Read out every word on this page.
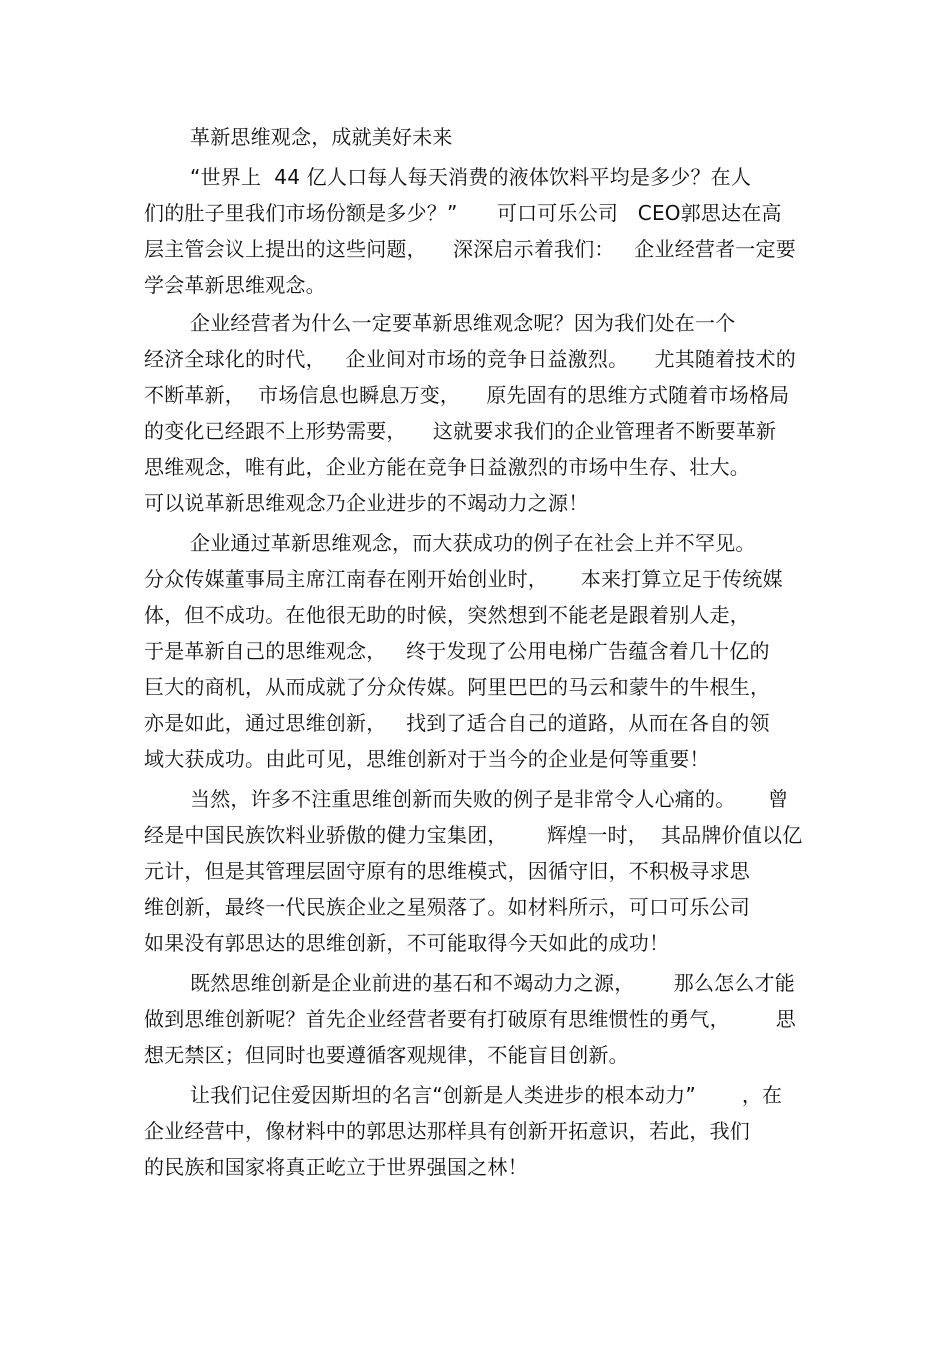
革新思维观念，成就美好未来

“世界上  44 亿人口每人每天消费的液体饮料平均是多少？在人

们的肚子里我们市场份额是多少？”      可口可乐公司   CEO郭思达在高

层主管会议上提出的这些问题，    深深启示着我们：   企业经营者一定要

学会革新思维观念。

企业经营者为什么一定要革新思维观念呢？因为我们处在一个

经济全球化的时代，   企业间对市场的竞争日益激烈。    尤其随着技术的

不断革新，  市场信息也瞬息万变，    原先固有的思维方式随着市场格局

的变化已经跟不上形势需要，    这就要求我们的企业管理者不断要革新

思维观念，唯有此，企业方能在竞争日益激烈的市场中生存、壮大。

可以说革新思维观念乃企业进步的不竭动力之源！

企业通过革新思维观念，而大获成功的例子在社会上并不罕见。

分众传媒董事局主席江南春在刚开始创业时，     本来打算立足于传统媒

体，但不成功。在他很无助的时候，突然想到不能老是跟着别人走，

于是革新自己的思维观念，   终于发现了公用电梯广告蕴含着几十亿的

巨大的商机，从而成就了分众传媒。阿里巴巴的马云和蒙牛的牛根生，

亦是如此，通过思维创新，   找到了适合自己的道路，从而在各自的领

域大获成功。由此可见，思维创新对于当今的企业是何等重要！

当然，许多不注重思维创新而失败的例子是非常令人心痛的。     曾

经是中国民族饮料业骄傲的健力宝集团，      辉煌一时，  其品牌价值以亿

元计，但是其管理层固守原有的思维模式，因循守旧，不积极寻求思

维创新，最终一代民族企业之星殒落了。如材料所示，可口可乐公司

如果没有郭思达的思维创新，不可能取得今天如此的成功！

既然思维创新是企业前进的基石和不竭动力之源，      那么怎么才能

做到思维创新呢？首先企业经营者要有打破原有思维惯性的勇气，       思

想无禁区；但同时也要遵循客观规律，不能盲目创新。

让我们记住爱因斯坦的名言“创新是人类进步的根本动力”       ，在

企业经营中，像材料中的郭思达那样具有创新开拓意识，若此，我们

的民族和国家将真正屹立于世界强国之林！
